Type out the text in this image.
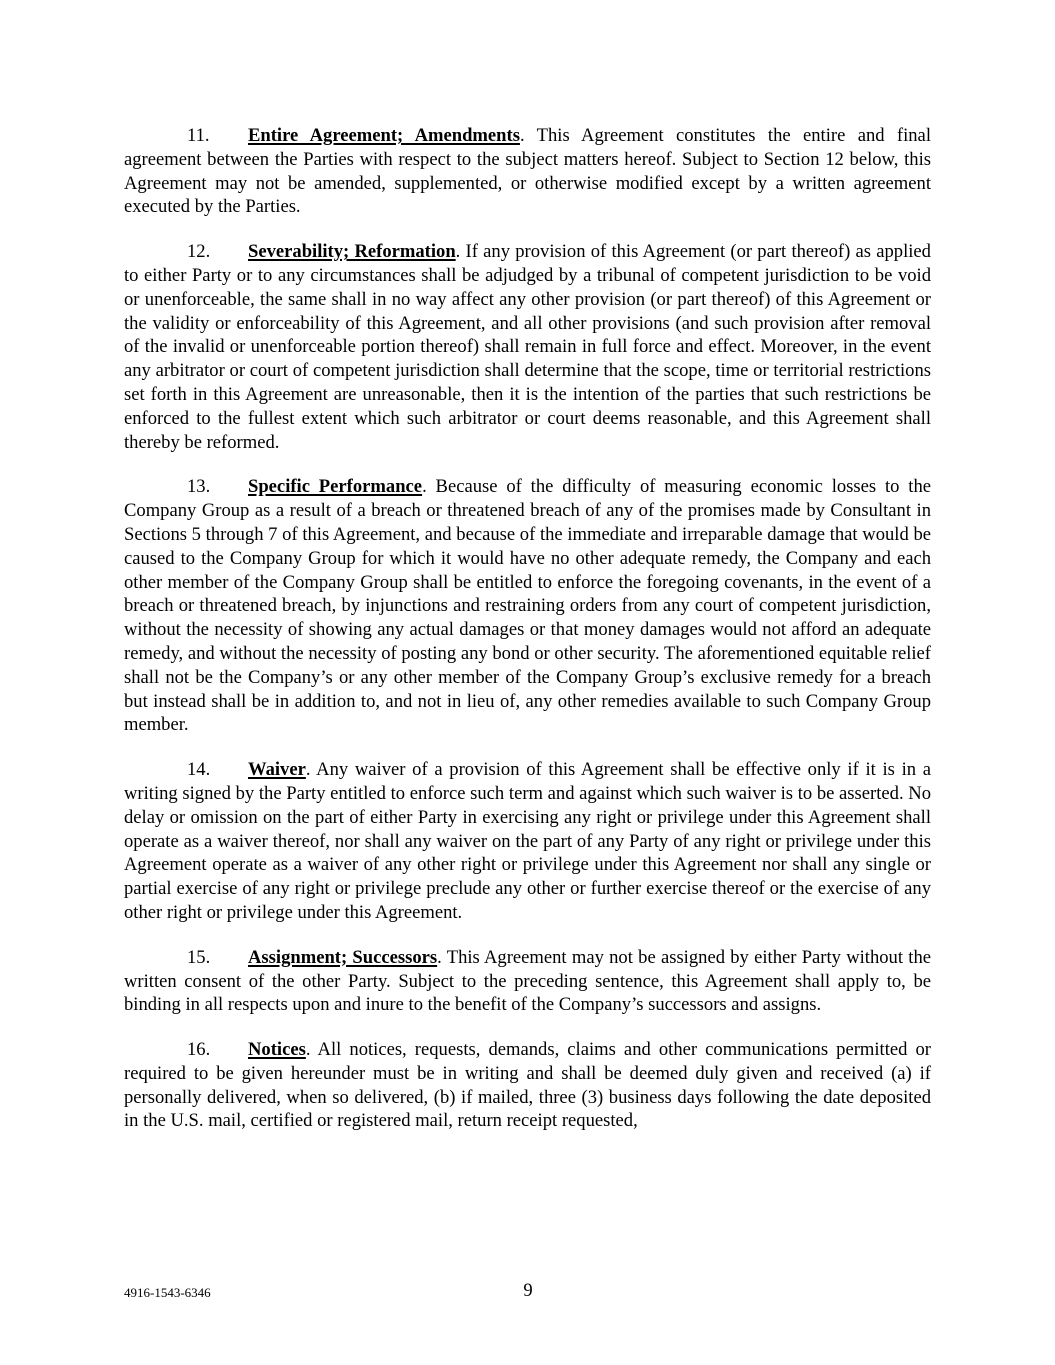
11. Entire Agreement; Amendments. This Agreement constitutes the entire and final agreement between the Parties with respect to the subject matters hereof. Subject to Section 12 below, this Agreement may not be amended, supplemented, or otherwise modified except by a written agreement executed by the Parties.

12. Severability; Reformation. If any provision of this Agreement (or part thereof) as applied to either Party or to any circumstances shall be adjudged by a tribunal of competent jurisdiction to be void or unenforceable, the same shall in no way affect any other provision (or part thereof) of this Agreement or the validity or enforceability of this Agreement, and all other provisions (and such provision after removal of the invalid or unenforceable portion thereof) shall remain in full force and effect. Moreover, in the event any arbitrator or court of competent jurisdiction shall determine that the scope, time or territorial restrictions set forth in this Agreement are unreasonable, then it is the intention of the parties that such restrictions be enforced to the fullest extent which such arbitrator or court deems reasonable, and this Agreement shall thereby be reformed.

13. Specific Performance. Because of the difficulty of measuring economic losses to the Company Group as a result of a breach or threatened breach of any of the promises made by Consultant in Sections 5 through 7 of this Agreement, and because of the immediate and irreparable damage that would be caused to the Company Group for which it would have no other adequate remedy, the Company and each other member of the Company Group shall be entitled to enforce the foregoing covenants, in the event of a breach or threatened breach, by injunctions and restraining orders from any court of competent jurisdiction, without the necessity of showing any actual damages or that money damages would not afford an adequate remedy, and without the necessity of posting any bond or other security. The aforementioned equitable relief shall not be the Company’s or any other member of the Company Group’s exclusive remedy for a breach but instead shall be in addition to, and not in lieu of, any other remedies available to such Company Group member.

14. Waiver. Any waiver of a provision of this Agreement shall be effective only if it is in a writing signed by the Party entitled to enforce such term and against which such waiver is to be asserted. No delay or omission on the part of either Party in exercising any right or privilege under this Agreement shall operate as a waiver thereof, nor shall any waiver on the part of any Party of any right or privilege under this Agreement operate as a waiver of any other right or privilege under this Agreement nor shall any single or partial exercise of any right or privilege preclude any other or further exercise thereof or the exercise of any other right or privilege under this Agreement.

15. Assignment; Successors. This Agreement may not be assigned by either Party without the written consent of the other Party. Subject to the preceding sentence, this Agreement shall apply to, be binding in all respects upon and inure to the benefit of the Company’s successors and assigns.

16. Notices. All notices, requests, demands, claims and other communications permitted or required to be given hereunder must be in writing and shall be deemed duly given and received (a) if personally delivered, when so delivered, (b) if mailed, three (3) business days following the date deposited in the U.S. mail, certified or registered mail, return receipt requested,

4916-1543-6346	9
